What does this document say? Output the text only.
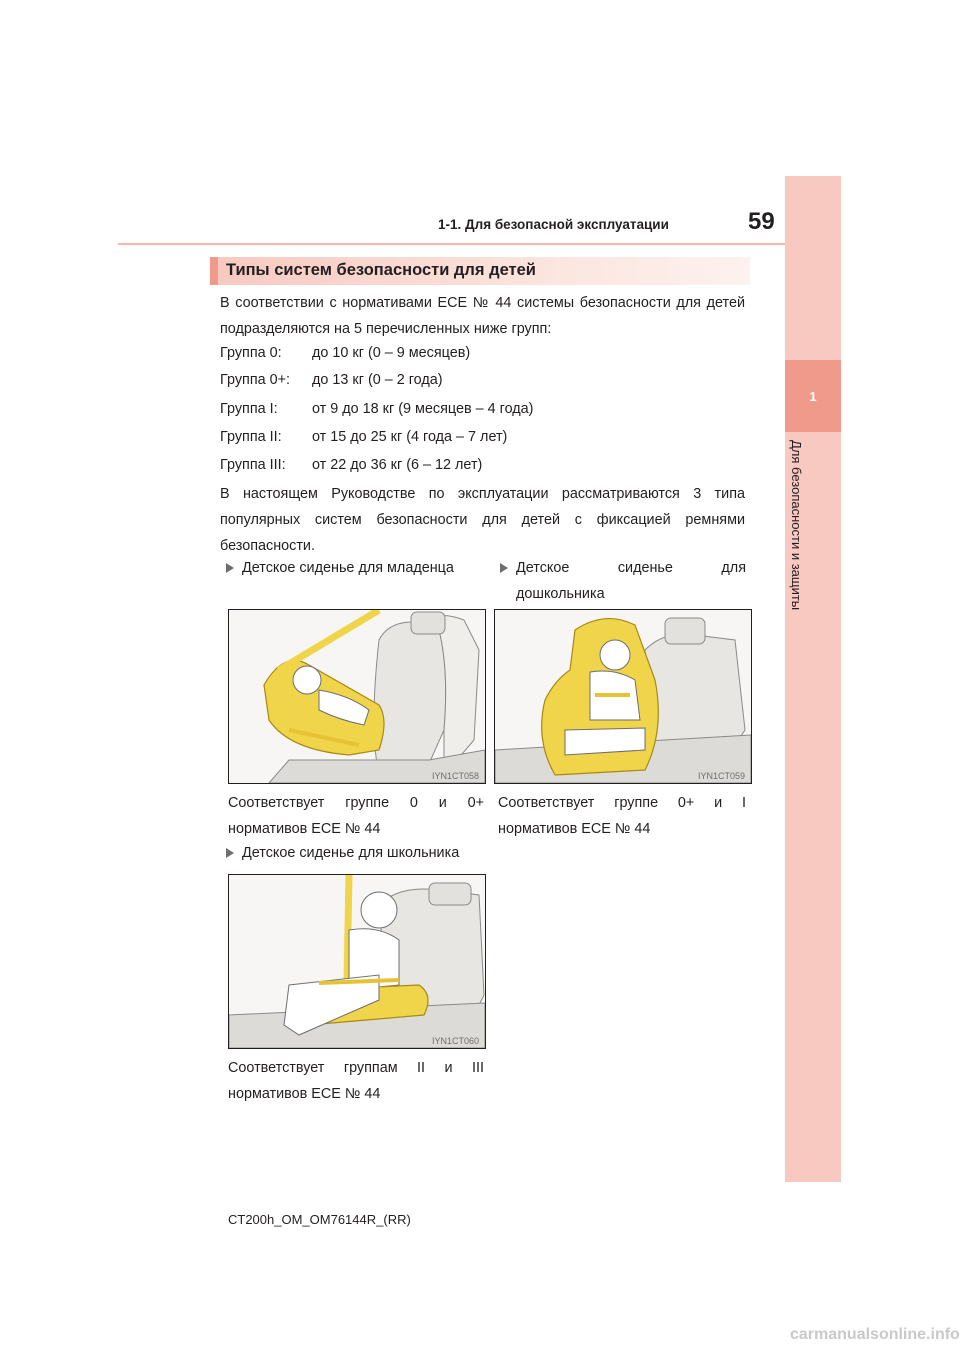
1
Для безопасности и защиты
1-1. Для безопасной эксплуатации	59
Типы систем безопасности для детей
В соответствии с нормативами ECE № 44 системы безопасности для детей подразделяются на 5 перечисленных ниже групп:
Группа 0: до 10 кг (0 – 9 месяцев)
Группа 0+: до 13 кг (0 – 2 года)
Группа I: от 9 до 18 кг (9 месяцев – 4 года)
Группа II: от 15 до 25 кг (4 года – 7 лет)
Группа III: от 22 до 36 кг (6 – 12 лет)
В настоящем Руководстве по эксплуатации рассматриваются 3 типа популярных систем безопасности для детей с фиксацией ремнями безопасности.
Детское сиденье для младенца	Детское сиденье для дошкольника
IYN1CT058	IYN1CT059
Соответствует группе 0 и 0+ нормативов ECE № 44
Соответствует группе 0+ и I нормативов ECE № 44
Детское сиденье для школьника
IYN1CT060
Соответствует группам II и III нормативов ECE № 44
CT200h_OM_OM76144R_(RR)
carmanualsonline.info
